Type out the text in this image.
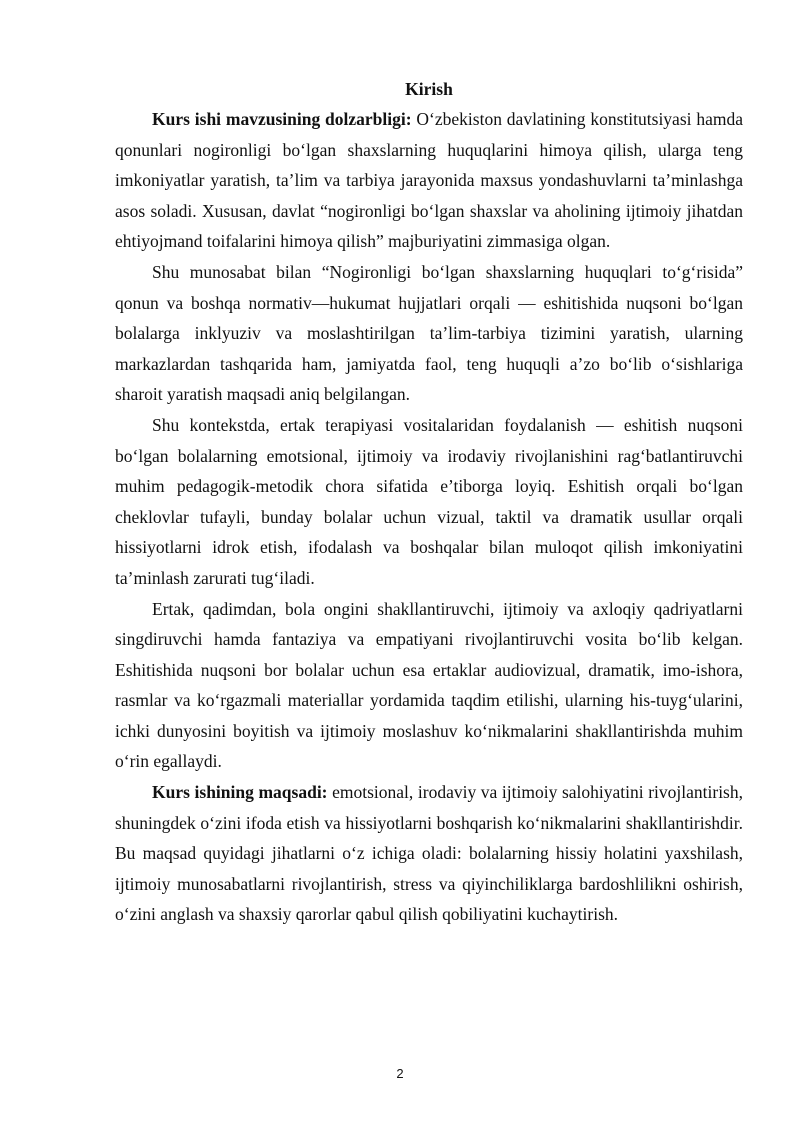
Kirish

Kurs ishi mavzusining dolzarbligi: O‘zbekiston davlatining konstitutsiyasi hamda qonunlari nogironligi bo‘lgan shaxslarning huquqlarini himoya qilish, ularga teng imkoniyatlar yaratish, ta’lim va tarbiya jarayonida maxsus yondashuvlarni ta’minlashga asos soladi. Xususan, davlat “nogironligi bo‘lgan shaxslar va aholining ijtimoiy jihatdan ehtiyojmand toifalarini himoya qilish” majburiyatini zimmasiga olgan.

Shu munosabat bilan “Nogironligi bo‘lgan shaxslarning huquqlari to‘g‘risida” qonun va boshqa normativ—hukumat hujjatlari orqali — eshitishida nuqsoni bo‘lgan bolalarga inklyuziv va moslashtirilgan ta’lim-tarbiya tizimini yaratish, ularning markazlardan tashqarida ham, jamiyatda faol, teng huquqli a’zo bo‘lib o‘sishlariga sharoit yaratish maqsadi aniq belgilangan.

Shu kontekstda, ertak terapiyasi vositalaridan foydalanish — eshitish nuqsoni bo‘lgan bolalarning emotsional, ijtimoiy va irodaviy rivojlanishini rag‘batlantiruvchi muhim pedagogik-metodik chora sifatida e’tiborga loyiq. Eshitish orqali bo‘lgan cheklovlar tufayli, bunday bolalar uchun vizual, taktil va dramatik usullar orqali hissiyotlarni idrok etish, ifodalash va boshqalar bilan muloqot qilish imkoniyatini ta’minlash zarurati tug‘iladi.

Ertak, qadimdan, bola ongini shakllantiruvchi, ijtimoiy va axloqiy qadriyatlarni singdiruvchi hamda fantaziya va empatiyani rivojlantiruvchi vosita bo‘lib kelgan. Eshitishida nuqsoni bor bolalar uchun esa ertaklar audiovizual, dramatik, imo-ishora, rasmlar va ko‘rgazmali materiallar yordamida taqdim etilishi, ularning his-tuyg‘ularini, ichki dunyosini boyitish va ijtimoiy moslashuv ko‘nikmalarini shakllantirishda muhim o‘rin egallaydi.

Kurs ishining maqsadi: emotsional, irodaviy va ijtimoiy salohiyatini rivojlantirish, shuningdek o‘zini ifoda etish va hissiyotlarni boshqarish ko‘nikmalarini shakllantirishdir. Bu maqsad quyidagi jihatlarni o‘z ichiga oladi: bolalarning hissiy holatini yaxshilash, ijtimoiy munosabatlarni rivojlantirish, stress va qiyinchiliklarga bardoshlilikni oshirish, o‘zini anglash va shaxsiy qarorlar qabul qilish qobiliyatini kuchaytirish.

2
